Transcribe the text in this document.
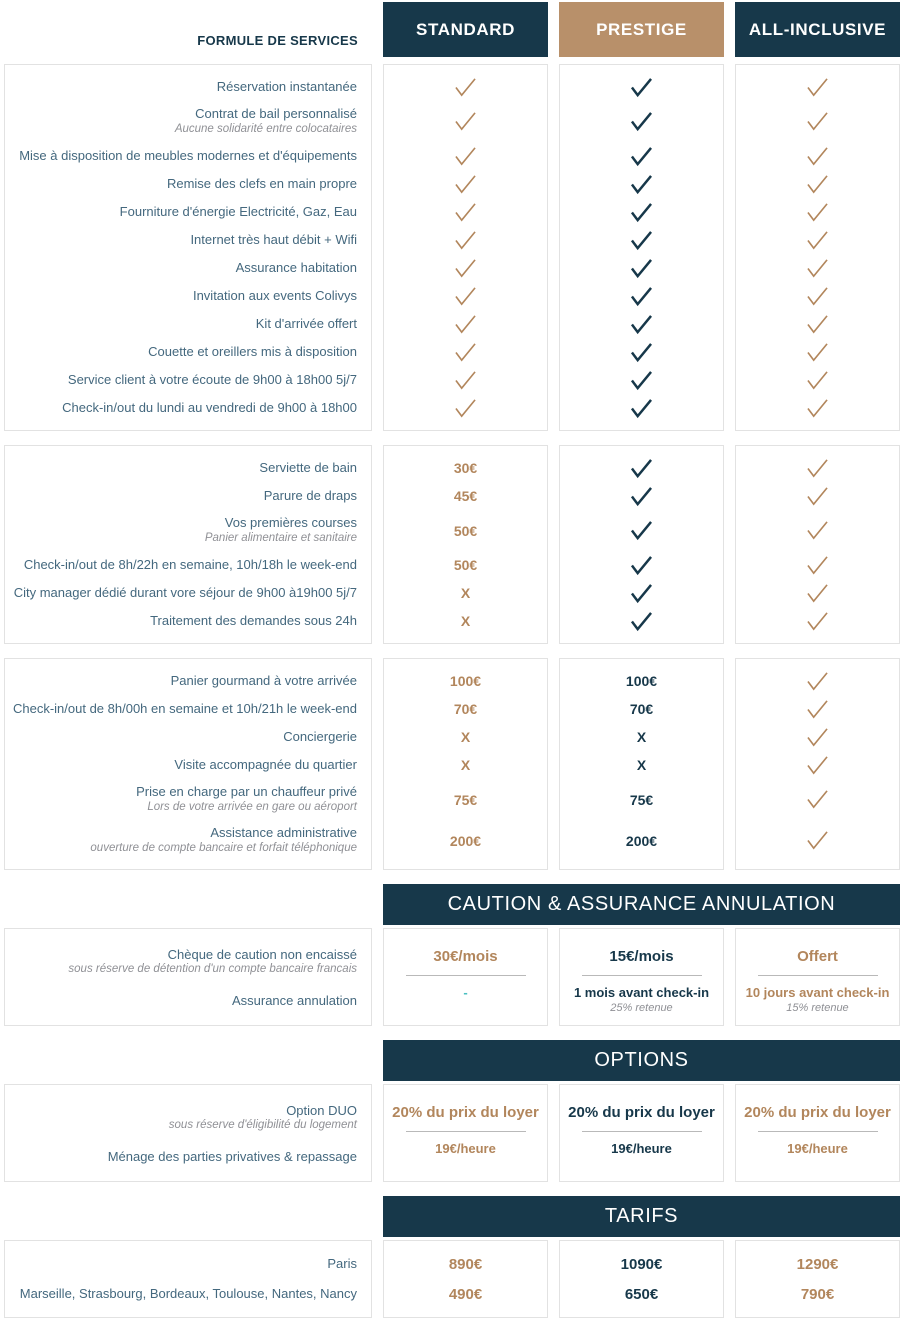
FORMULE DE SERVICES
STANDARD	PRESTIGE	ALL-INCLUSIVE
Réservation instantanée
Contrat de bail personnalisé
Aucune solidarité entre colocataires
Mise à disposition de meubles modernes et d'équipements
Remise des clefs en main propre
Fourniture d'énergie Electricité, Gaz, Eau
Internet très haut débit + Wifi
Assurance habitation
Invitation aux events Colivys
Kit d'arrivée offert
Couette et oreillers mis à disposition
Service client à votre écoute de 9h00 à 18h00 5j/7
Check-in/out du lundi au vendredi de 9h00 à 18h00
Serviette de bain
Parure de draps
Vos premières courses
Panier alimentaire et sanitaire
Check-in/out de 8h/22h en semaine, 10h/18h le week-end
City manager dédié durant vore séjour de 9h00 à19h00 5j/7
Traitement des demandes sous 24h
30€
45€
50€
50€
X
X
Panier gourmand à votre arrivée
Check-in/out de 8h/00h en semaine et 10h/21h le week-end
Conciergerie
Visite accompagnée du quartier
Prise en charge par un chauffeur privé
Lors de votre arrivée en gare ou aéroport
Assistance administrative
ouverture de compte bancaire et forfait téléphonique
100€
70€
X
X
75€
200€
100€
70€
X
X
75€
200€
CAUTION & ASSURANCE ANNULATION
Chèque de caution non encaissé
sous réserve de détention d'un compte bancaire francais
Assurance annulation
30€/mois
-
15€/mois
1 mois avant check-in
25% retenue
Offert
10 jours avant check-in
15% retenue
OPTIONS
Option DUO
sous réserve d'éligibilité du logement
Ménage des parties privatives & repassage
20% du prix du loyer
19€/heure
20% du prix du loyer
19€/heure
20% du prix du loyer
19€/heure
TARIFS
Paris
Marseille, Strasbourg, Bordeaux, Toulouse, Nantes, Nancy
890€
490€
1090€
650€
1290€
790€
